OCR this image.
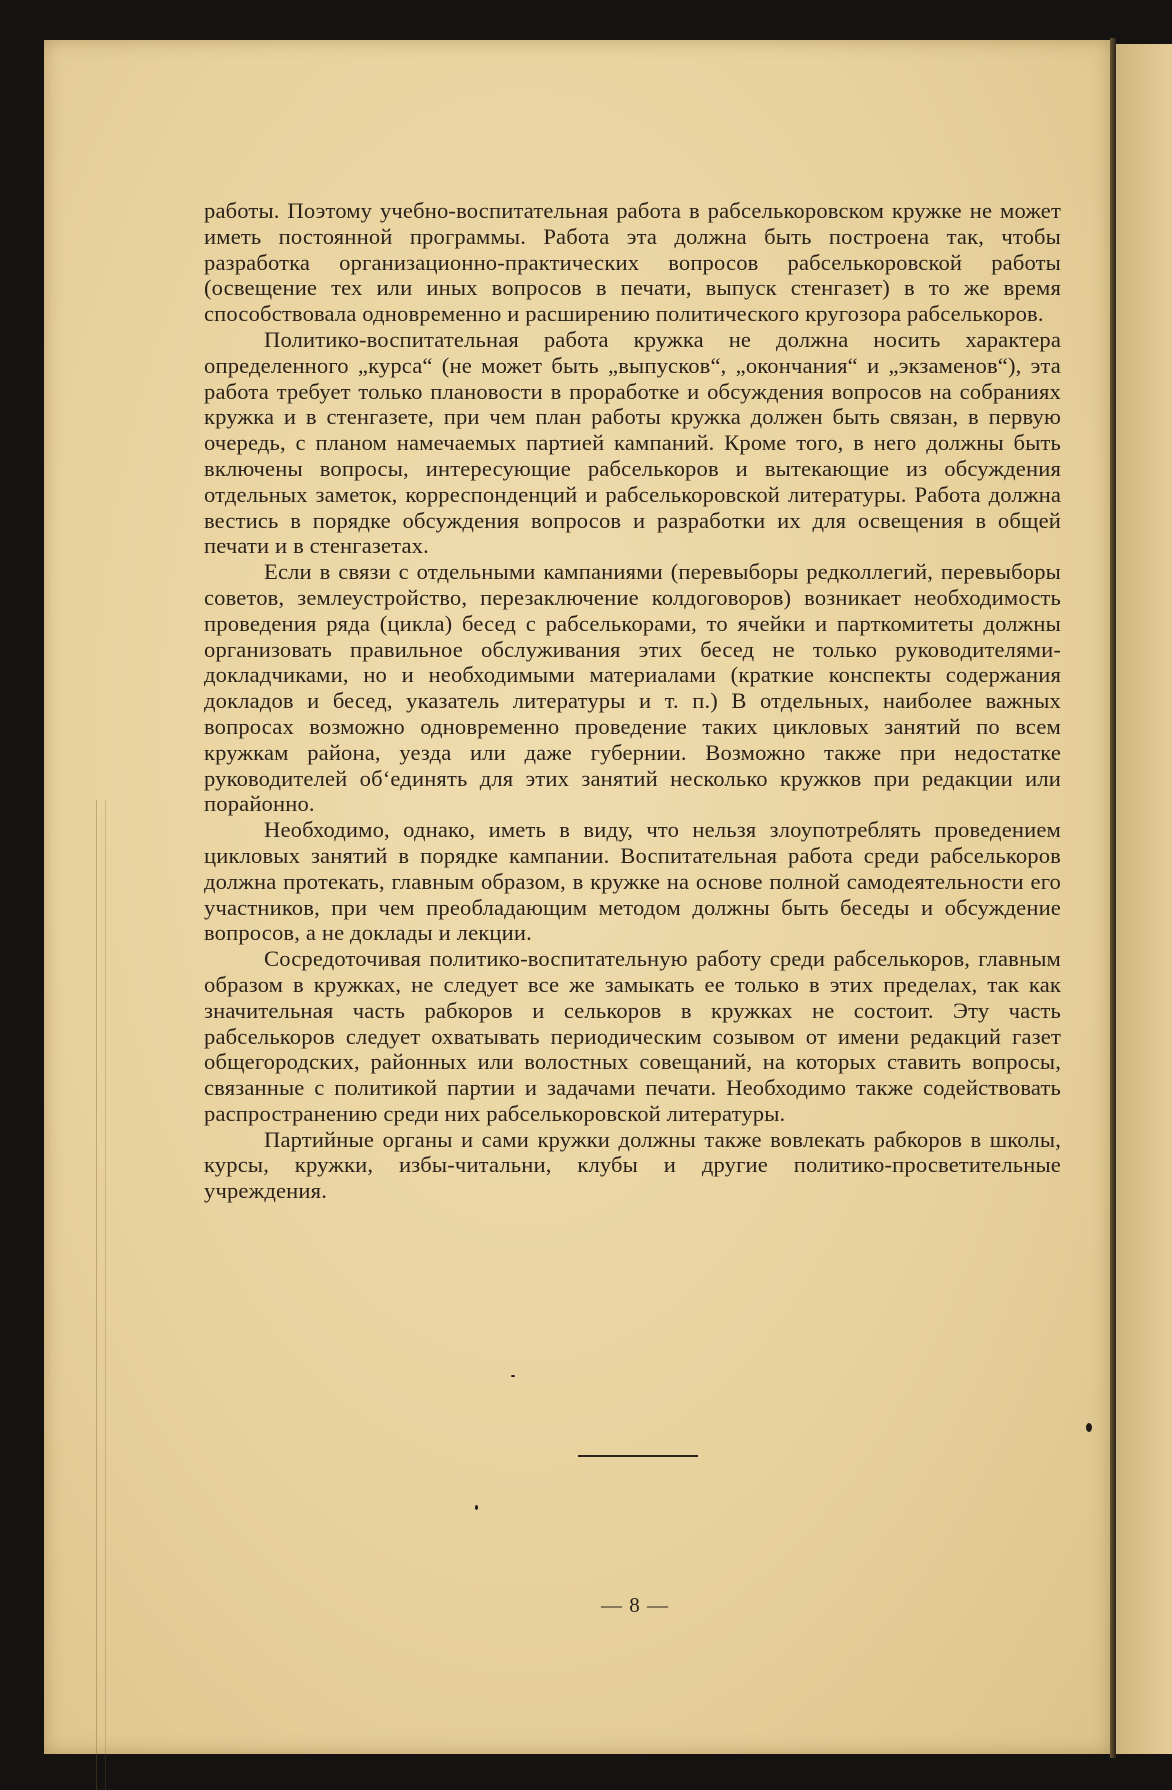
работы. Поэтому учебно-воспитательная работа в рабселькоровском кружке не может иметь постоянной программы. Работа эта должна быть построена так, чтобы разработка организационно-практических вопросов рабселькоровской работы (освещение тех или иных вопросов в печати, выпуск стенгазет) в то же время способствовала одновременно и расширению политического кругозора рабселькоров.

Политико-воспитательная работа кружка не должна носить характера определенного „курса“ (не может быть „выпусков“, „окончания“ и „экзаменов“), эта работа требует только плановости в проработке и обсуждения вопросов на собраниях кружка и в стенгазете, при чем план работы кружка должен быть связан, в первую очередь, с планом намечаемых партией кампаний. Кроме того, в него должны быть включены вопросы, интересующие рабселькоров и вытекающие из обсуждения отдельных заметок, корреспонденций и рабселькоровской литературы. Работа должна вестись в порядке обсуждения вопросов и разработки их для освещения в общей печати и в стенгазетах.

Если в связи с отдельными кампаниями (перевыборы редколлегий, перевыборы советов, землеустройство, перезаключение колдоговоров) возникает необходимость проведения ряда (цикла) бесед с рабселькорами, то ячейки и парткомитеты должны организовать правильное обслуживания этих бесед не только руководителями-докладчиками, но и необходимыми материалами (краткие конспекты содержания докладов и бесед, указатель литературы и т. п.) В отдельных, наиболее важных вопросах возможно одновременно проведение таких цикловых занятий по всем кружкам района, уезда или даже губернии. Возможно также при недостатке руководителей об‘единять для этих занятий несколько кружков при редакции или порайонно.

Необходимо, однако, иметь в виду, что нельзя злоупотреблять проведением цикловых занятий в порядке кампании. Воспитательная работа среди рабселькоров должна протекать, главным образом, в кружке на основе полной самодеятельности его участников, при чем преобладающим методом должны быть беседы и обсуждение вопросов, а не доклады и лекции.

Сосредоточивая политико-воспитательную работу среди рабселькоров, главным образом в кружках, не следует все же замыкать ее только в этих пределах, так как значительная часть рабкоров и селькоров в кружках не состоит. Эту часть рабселькоров следует охватывать периодическим созывом от имени редакций газет общегородских, районных или волостных совещаний, на которых ставить вопросы, связанные с политикой партии и задачами печати. Необходимо также содействовать распространению среди них рабселькоровской литературы.

Партийные органы и сами кружки должны также вовлекать рабкоров в школы, курсы, кружки, избы-читальни, клубы и другие политико-просветительные учреждения.

— 8 —
